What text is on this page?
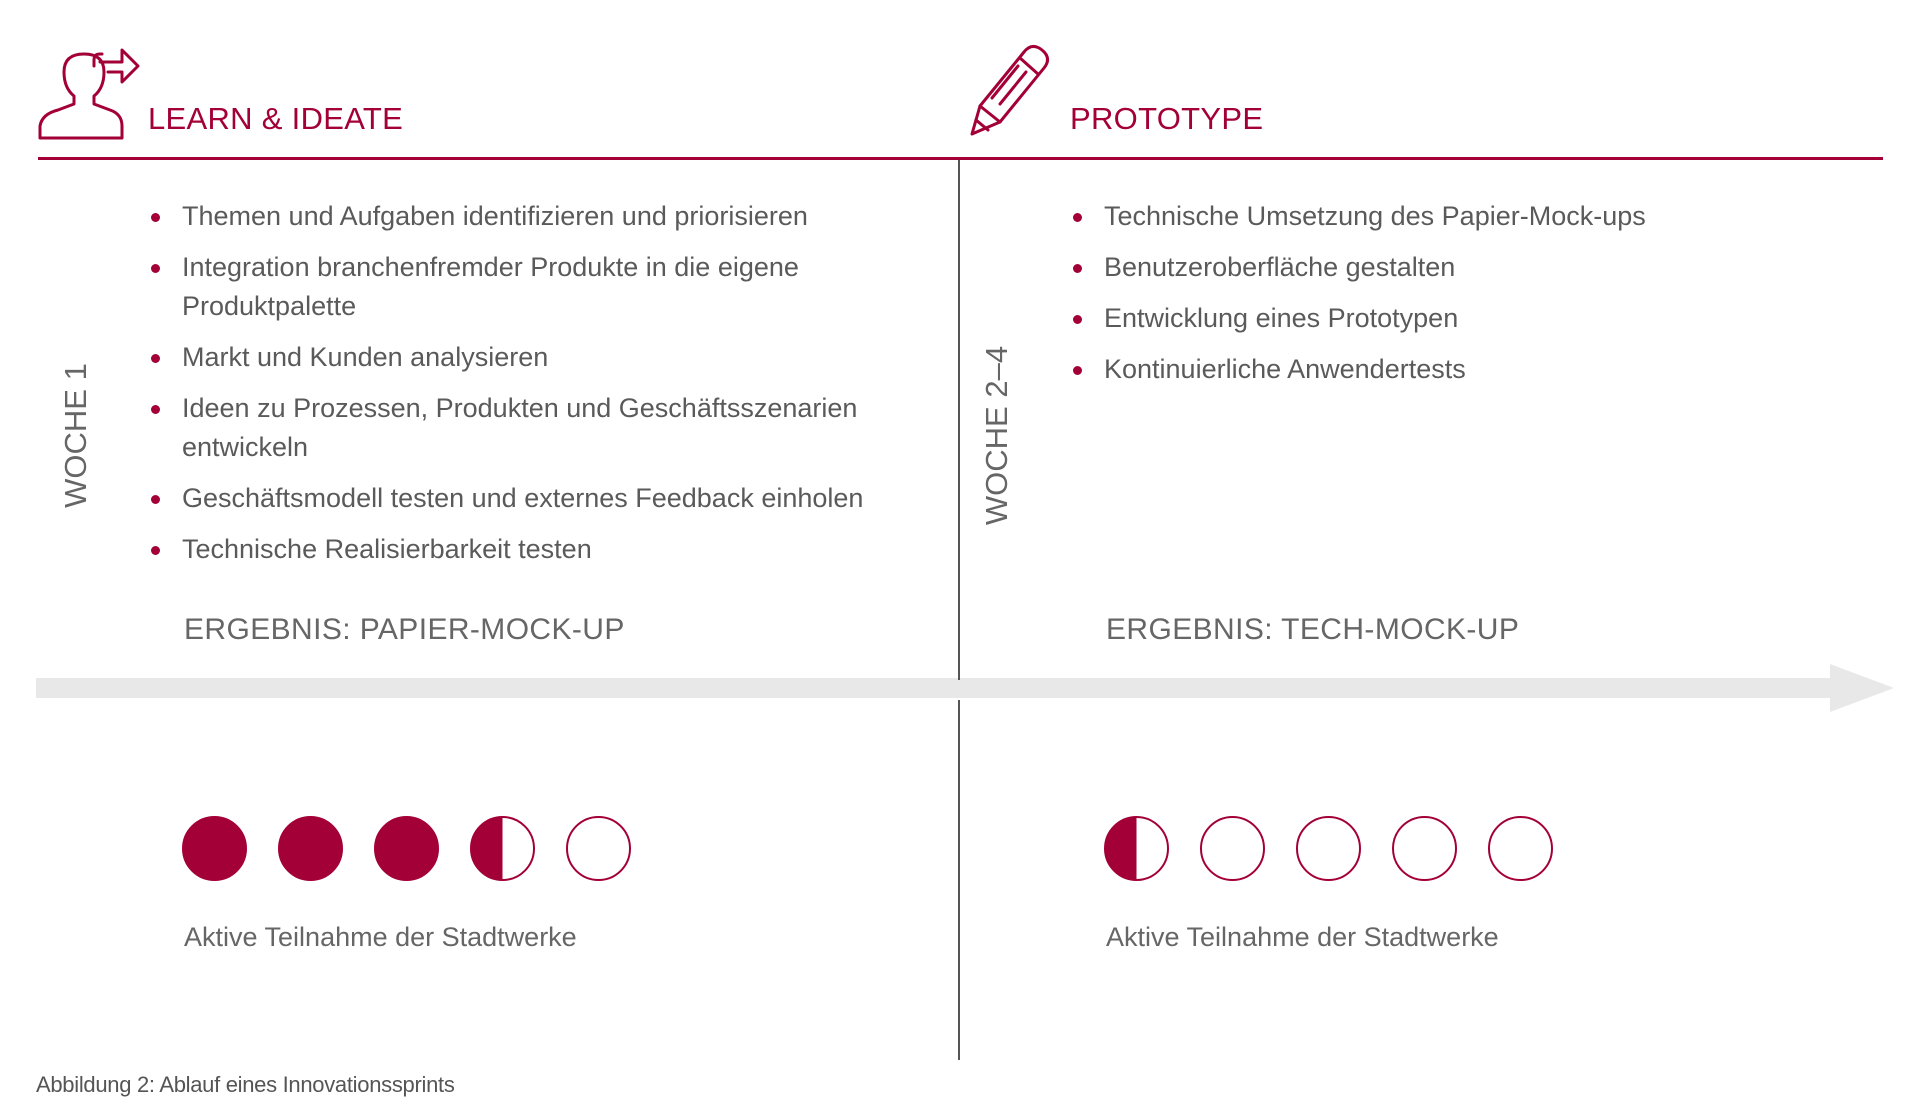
LEARN & IDEATE	PROTOTYPE
WOCHE 1	WOCHE 2–4
Themen und Aufgaben identifizieren und priorisieren
Integration branchenfremder Produkte in die eigene Produktpalette
Markt und Kunden analysieren
Ideen zu Prozessen, Produkten und Geschäftsszenarien entwickeln
Geschäftsmodell testen und externes Feedback einholen
Technische Realisierbarkeit testen
Technische Umsetzung des Papier-Mock-ups
Benutzeroberfläche gestalten
Entwicklung eines Prototypen
Kontinuierliche Anwendertests
ERGEBNIS: PAPIER-MOCK-UP	ERGEBNIS: TECH-MOCK-UP
Aktive Teilnahme der Stadtwerke	Aktive Teilnahme der Stadtwerke
Abbildung 2: Ablauf eines Innovationssprints
